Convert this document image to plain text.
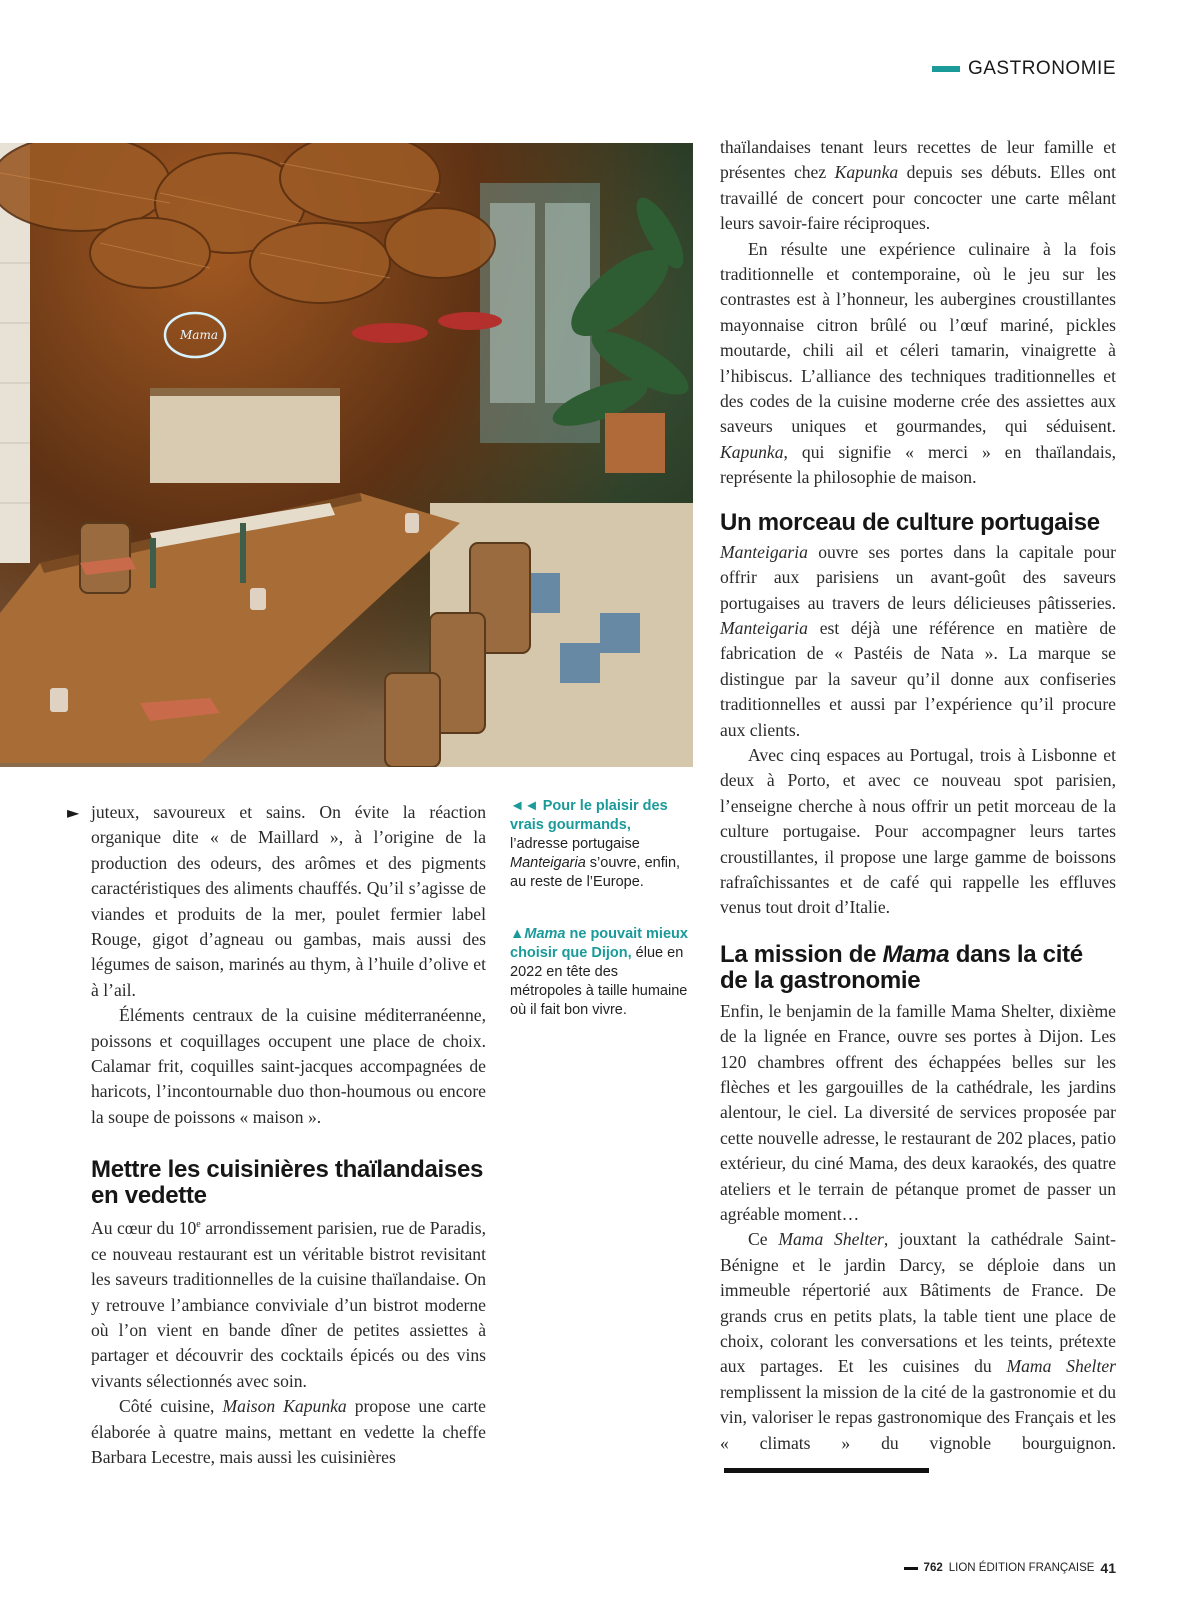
GASTRONOMIE
Mama
► juteux, savoureux et sains. On évite la réaction organique dite « de Maillard », à l’origine de la production des odeurs, des arômes et des pigments caractéristiques des aliments chauffés. Qu’il s’agisse de viandes et produits de la mer, poulet fermier label Rouge, gigot d’agneau ou gambas, mais aussi des légumes de saison, marinés au thym, à l’huile d’olive et à l’ail.

Éléments centraux de la cuisine méditerranéenne, poissons et coquillages occupent une place de choix. Calamar frit, coquilles saint-jacques accompagnées de haricots, l’incontournable duo thon-houmous ou encore la soupe de poissons « maison ».

Mettre les cuisinières thaïlandaises en vedette

Au cœur du 10e arrondissement parisien, rue de Paradis, ce nouveau restaurant est un véritable bistrot revisitant les saveurs traditionnelles de la cuisine thaïlandaise. On y retrouve l’ambiance conviviale d’un bistrot moderne où l’on vient en bande dîner de petites assiettes à partager et découvrir des cocktails épicés ou des vins vivants sélectionnés avec soin.

Côté cuisine, Maison Kapunka propose une carte élaborée à quatre mains, mettant en vedette la cheffe Barbara Lecestre, mais aussi les cuisinières

◄◄ Pour le plaisir des vrais gourmands, l’adresse portugaise Manteigaria s’ouvre, enfin, au reste de l’Europe.
▲Mama ne pouvait mieux choisir que Dijon, élue en 2022 en tête des métropoles à taille humaine où il fait bon vivre.

thaïlandaises tenant leurs recettes de leur famille et présentes chez Kapunka depuis ses débuts. Elles ont travaillé de concert pour concocter une carte mêlant leurs savoir-faire réciproques.

En résulte une expérience culinaire à la fois traditionnelle et contemporaine, où le jeu sur les contrastes est à l’honneur, les aubergines croustillantes mayonnaise citron brûlé ou l’œuf mariné, pickles moutarde, chili ail et céleri tamarin, vinaigrette à l’hibiscus. L’alliance des techniques traditionnelles et des codes de la cuisine moderne crée des assiettes aux saveurs uniques et gourmandes, qui séduisent. Kapunka, qui signifie « merci » en thaïlandais, représente la philosophie de maison.

Un morceau de culture portugaise

Manteigaria ouvre ses portes dans la capitale pour offrir aux parisiens un avant-goût des saveurs portugaises au travers de leurs délicieuses pâtisseries. Manteigaria est déjà une référence en matière de fabrication de « Pastéis de Nata ». La marque se distingue par la saveur qu’il donne aux confiseries traditionnelles et aussi par l’expérience qu’il procure aux clients.

Avec cinq espaces au Portugal, trois à Lisbonne et deux à Porto, et avec ce nouveau spot parisien, l’enseigne cherche à nous offrir un petit morceau de la culture portugaise. Pour accompagner leurs tartes croustillantes, il propose une large gamme de boissons rafraîchissantes et de café qui rappelle les effluves venus tout droit d’Italie.

La mission de Mama dans la cité de la gastronomie

Enfin, le benjamin de la famille Mama Shelter, dixième de la lignée en France, ouvre ses portes à Dijon. Les 120 chambres offrent des échappées belles sur les flèches et les gargouilles de la cathédrale, les jardins alentour, le ciel. La diversité de services proposée par cette nouvelle adresse, le restaurant de 202 places, patio extérieur, du ciné Mama, des deux karaokés, des quatre ateliers et le terrain de pétanque promet de passer un agréable moment…

Ce Mama Shelter, jouxtant la cathédrale Saint-Bénigne et le jardin Darcy, se déploie dans un immeuble répertorié aux Bâtiments de France. De grands crus en petits plats, la table tient une place de choix, colorant les conversations et les teints, prétexte aux partages. Et les cuisines du Mama Shelter remplissent la mission de la cité de la gastronomie et du vin, valoriser le repas gastronomique des Français et les « climats » du vignoble bourguignon.

762 LION ÉDITION FRANÇAISE 41
